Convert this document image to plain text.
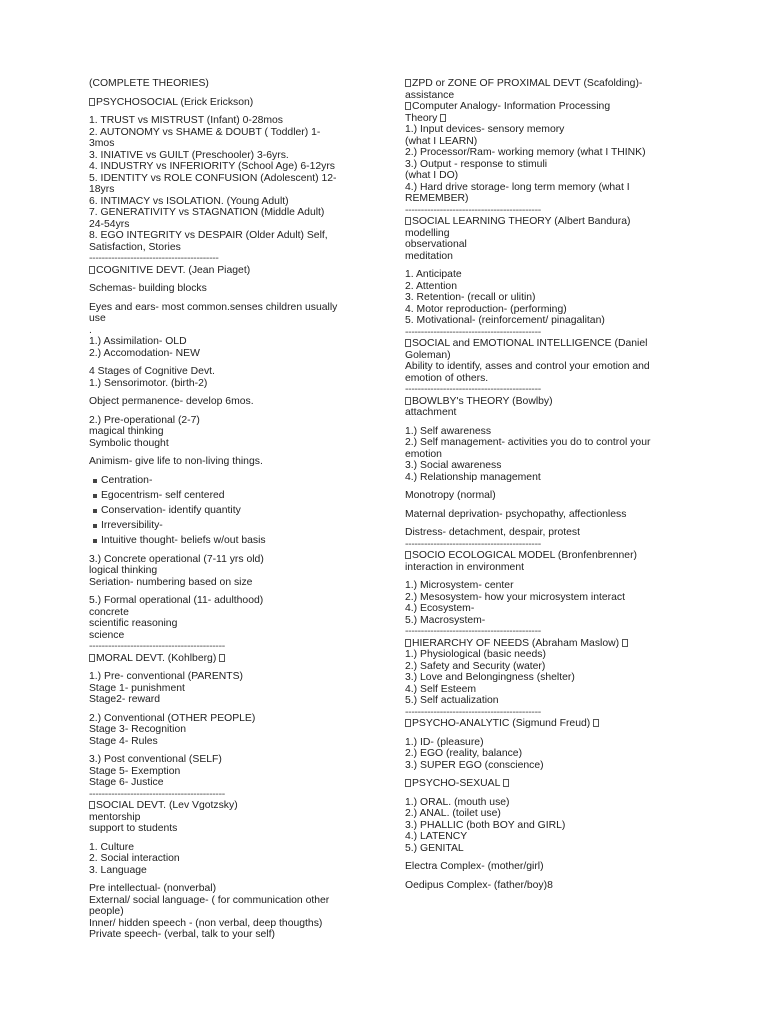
(COMPLETE THEORIES)
PSYCHOSOCIAL (Erick Erickson)
1. TRUST vs MISTRUST (Infant) 0-28mos
2. AUTONOMY vs SHAME & DOUBT ( Toddler) 1-
3mos
3. INIATIVE vs GUILT (Preschooler) 3-6yrs.
4. INDUSTRY vs INFERIORITY (School Age) 6-12yrs
5. IDENTITY vs ROLE CONFUSION (Adolescent) 12-
18yrs
6. INTIMACY vs ISOLATION. (Young Adult)
7. GENERATIVITY vs STAGNATION (Middle Adult)
24-54yrs
8. EGO INTEGRITY vs DESPAIR (Older Adult) Self,
Satisfaction, Stories
-----------------------------------------
COGNITIVE DEVT. (Jean Piaget)
Schemas- building blocks
Eyes and ears- most common.senses children usually
use
.
1.) Assimilation- OLD
2.) Accomodation- NEW
4 Stages of Cognitive Devt.
1.) Sensorimotor. (birth-2)
Object permanence- develop 6mos.
2.) Pre-operational (2-7)
magical thinking
Symbolic thought
Animism- give life to non-living things.
Centration-
Egocentrism- self centered
Conservation- identify quantity
Irreversibility-
Intuitive thought- beliefs w/out basis
3.) Concrete operational (7-11 yrs old)
logical thinking
Seriation- numbering based on size
5.) Formal operational (11- adulthood)
concrete
scientific reasoning
science
-------------------------------------------
MORAL DEVT. (Kohlberg)
1.) Pre- conventional (PARENTS)
Stage 1- punishment
Stage2- reward
2.) Conventional (OTHER PEOPLE)
Stage 3- Recognition
Stage 4- Rules
3.) Post conventional (SELF)
Stage 5- Exemption
Stage 6- Justice
-------------------------------------------
SOCIAL DEVT. (Lev Vgotzsky)
mentorship
support to students
1. Culture
2. Social interaction
3. Language
Pre intellectual- (nonverbal)
External/ social language- ( for communication other
people)
Inner/ hidden speech - (non verbal, deep thougths)
Private speech- (verbal, talk to your self)
ZPD or ZONE OF PROXIMAL DEVT (Scafolding)-
assistance
Computer Analogy- Information Processing
Theory
1.) Input devices- sensory memory
(what I LEARN)
2.) Processor/Ram- working memory (what I THINK)
3.) Output - response to stimuli
(what I DO)
4.) Hard drive storage- long term memory (what I
REMEMBER)
-------------------------------------------
SOCIAL LEARNING THEORY (Albert Bandura)
modelling
observational
meditation
1. Anticipate
2. Attention
3. Retention- (recall or ulitin)
4. Motor reproduction- (performing)
5. Motivational- (reinforcement/ pinagalitan)
-------------------------------------------
SOCIAL and EMOTIONAL INTELLIGENCE (Daniel
Goleman)
Ability to identify, asses and control your emotion and
emotion of others.
-------------------------------------------
BOWLBY's THEORY (Bowlby)
attachment
1.) Self awareness
2.) Self management- activities you do to control your
emotion
3.) Social awareness
4.) Relationship management
Monotropy (normal)
Maternal deprivation- psychopathy, affectionless
Distress- detachment, despair, protest
-------------------------------------------
SOCIO ECOLOGICAL MODEL (Bronfenbrenner)
interaction in environment
1.) Microsystem- center
2.) Mesosystem- how your microsystem interact
4.) Ecosystem-
5.) Macrosystem-
-------------------------------------------
HIERARCHY OF NEEDS (Abraham Maslow)
1.) Physiological (basic needs)
2.) Safety and Security (water)
3.) Love and Belongingness (shelter)
4.) Self Esteem
5.) Self actualization
-------------------------------------------
PSYCHO-ANALYTIC (Sigmund Freud)
1.) ID- (pleasure)
2.) EGO (reality, balance)
3.) SUPER EGO (conscience)
PSYCHO-SEXUAL
1.) ORAL. (mouth use)
2.) ANAL. (toilet use)
3.) PHALLIC (both BOY and GIRL)
4.) LATENCY
5.) GENITAL
Electra Complex- (mother/girl)
Oedipus Complex- (father/boy)8
